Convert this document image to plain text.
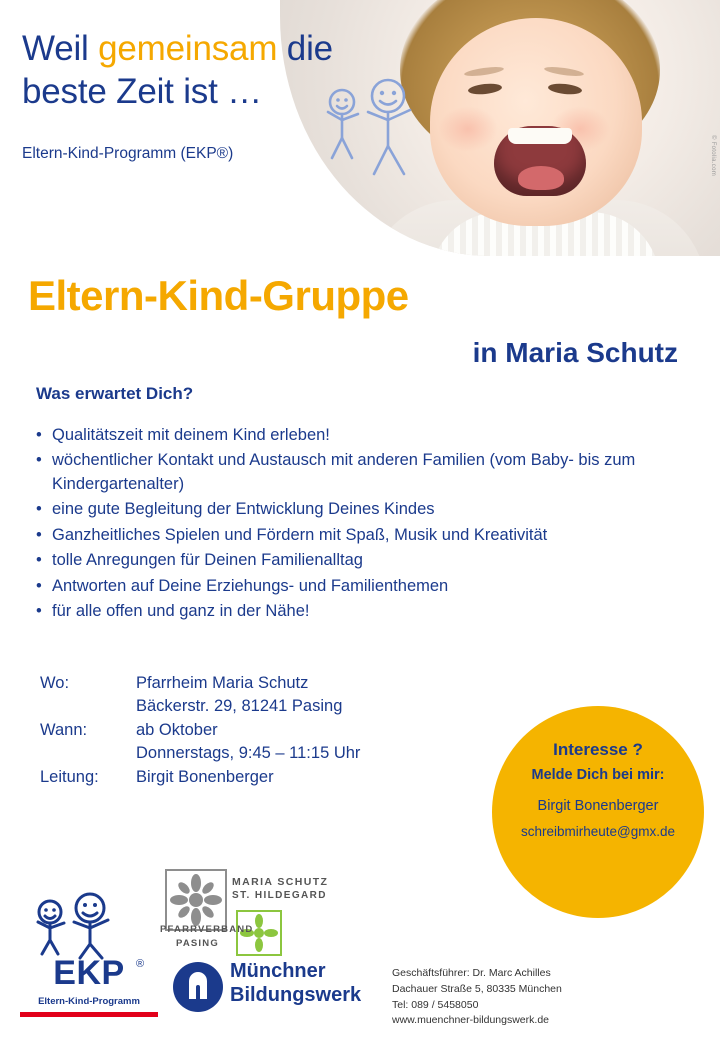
© Fotolia.com
Weil gemeinsam die
beste Zeit ist …
Eltern-Kind-Programm (EKP®)
Eltern-Kind-Gruppe
in Maria Schutz
Was erwartet Dich?
• Qualitätszeit mit deinem Kind erleben!
• wöchentlicher Kontakt und Austausch mit anderen Familien (vom Baby- bis zum Kindergartenalter)
• eine gute Begleitung der Entwicklung Deines Kindes
• Ganzheitliches Spielen und Fördern mit Spaß, Musik und Kreativität
• tolle Anregungen für Deinen Familienalltag
• Antworten auf Deine Erziehungs- und Familienthemen
• für alle offen und ganz in der Nähe!
Wo:	Pfarrheim Maria Schutz
	Bäckerstr. 29, 81241 Pasing
Wann:	ab Oktober
	Donnerstags, 9:45 – 11:15 Uhr
Leitung:	Birgit Bonenberger
Interesse ?
Melde Dich bei mir:
Birgit Bonenberger
schreibmirheute@gmx.de
EKP	®
Eltern-Kind-Programm
MARIA SCHUTZ
ST. HILDEGARD
PFARRVERBAND
PASING
Münchner
Bildungswerk
Geschäftsführer: Dr. Marc Achilles
Dachauer Straße 5, 80335 München
Tel: 089 / 5458050
www.muenchner-bildungswerk.de
